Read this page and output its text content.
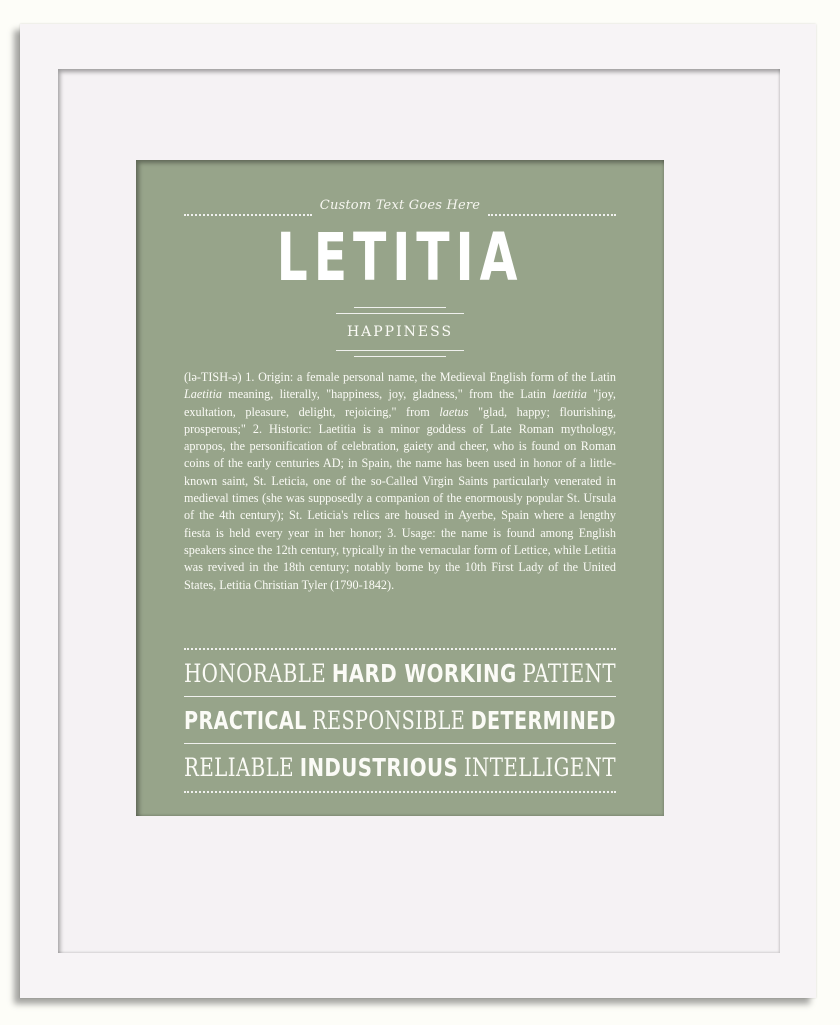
Custom Text Goes Here
LETITIA
HAPPINESS
(lə-TISH-ə) 1. Origin: a female personal name, the Medieval English form of the Latin Laetitia meaning, literally, "happiness, joy, gladness," from the Latin laetitia "joy, exultation, pleasure, delight, rejoicing," from laetus "glad, happy; flourishing, prosperous;" 2. Historic: Laetitia is a minor goddess of Late Roman mythology, apropos, the personification of celebration, gaiety and cheer, who is found on Roman coins of the early centuries AD; in Spain, the name has been used in honor of a little-known saint, St. Leticia, one of the so-Called Virgin Saints particularly venerated in medieval times (she was supposedly a companion of the enormously popular St. Ursula of the 4th century); St. Leticia's relics are housed in Ayerbe, Spain where a lengthy fiesta is held every year in her honor; 3. Usage: the name is found among English speakers since the 12th century, typically in the vernacular form of Lettice, while Letitia was revived in the 18th century; notably borne by the 10th First Lady of the United States, Letitia Christian Tyler (1790-1842).
HONORABLE HARD WORKING PATIENT
PRACTICAL RESPONSIBLE DETERMINED
RELIABLE INDUSTRIOUS INTELLIGENT
